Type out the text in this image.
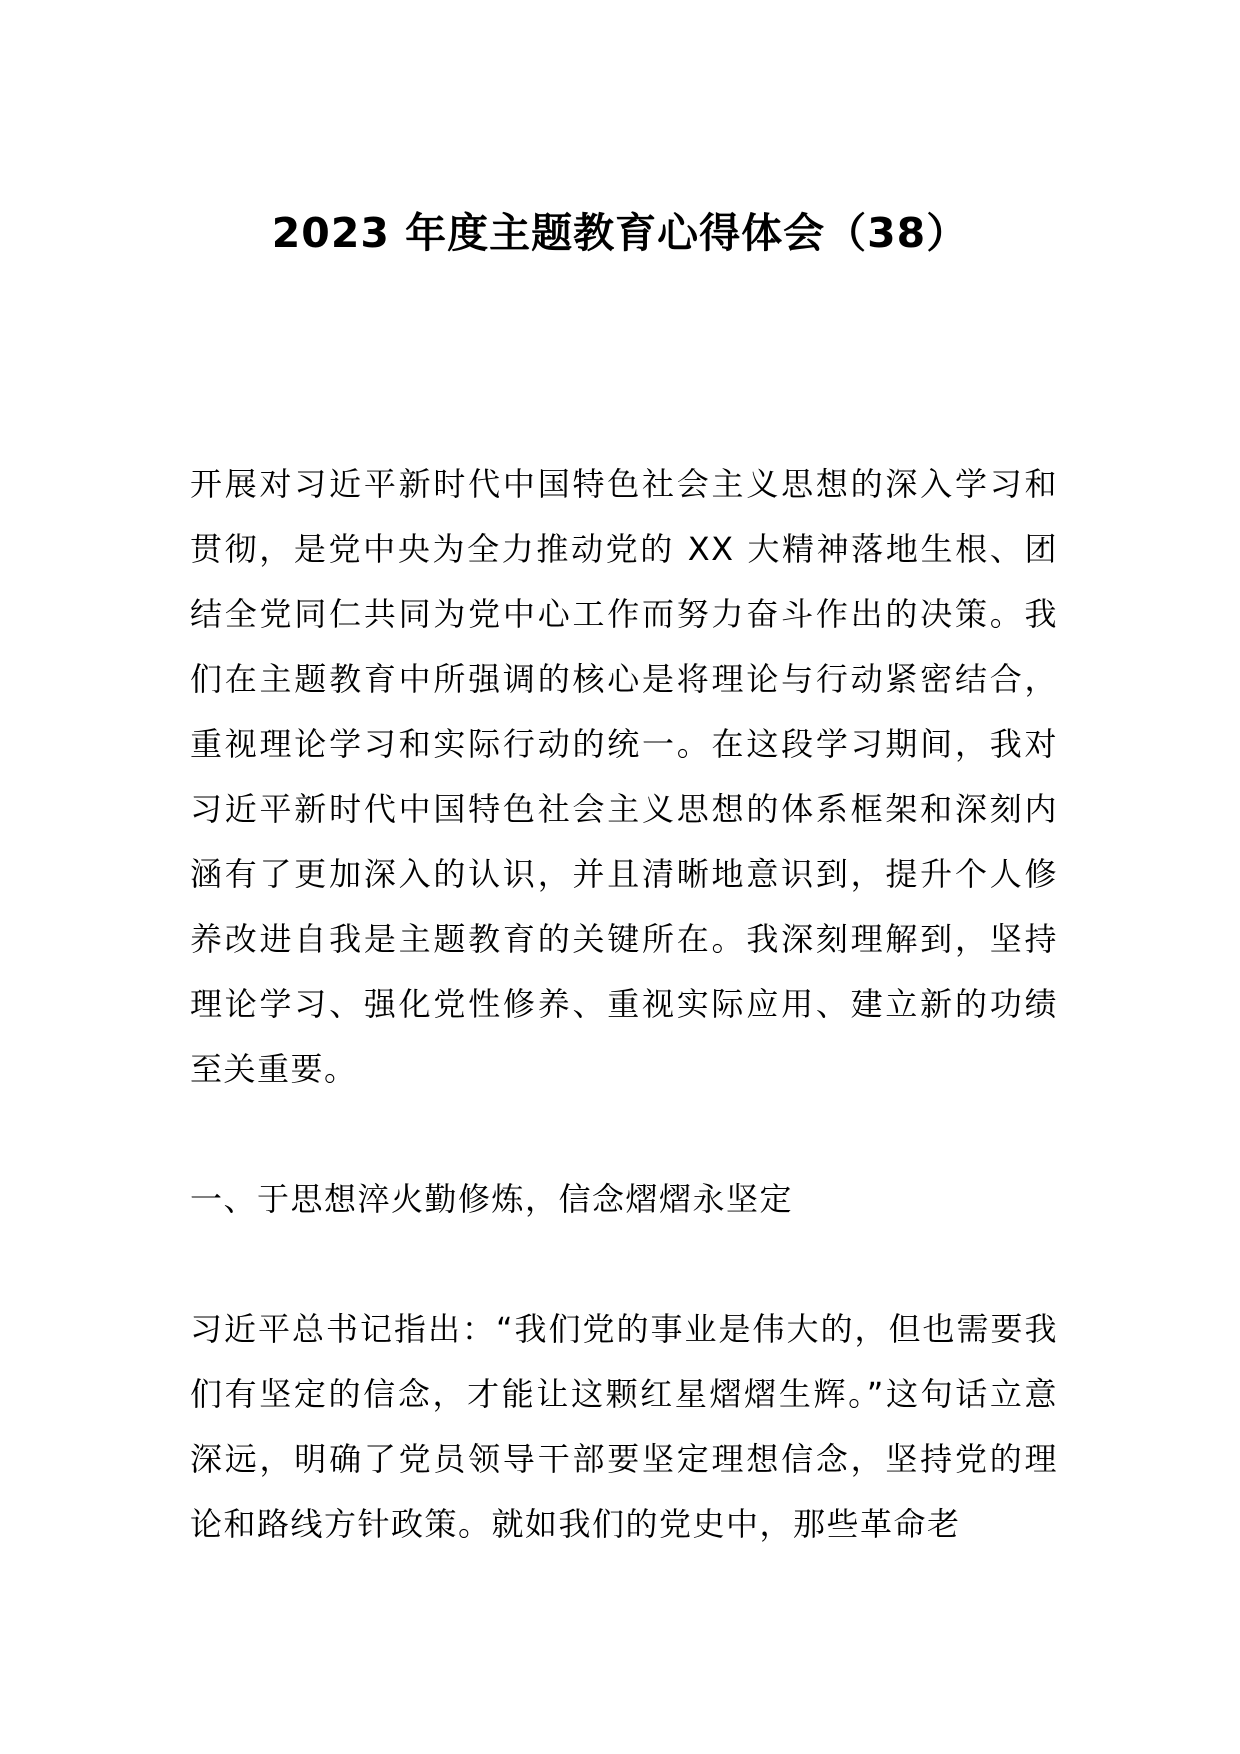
2023 年度主题教育心得体会（38）

开展对习近平新时代中国特色社会主义思想的深入学习和贯彻，是党中央为全力推动党的 XX 大精神落地生根、团结全党同仁共同为党中心工作而努力奋斗作出的决策。我们在主题教育中所强调的核心是将理论与行动紧密结合，重视理论学习和实际行动的统一。在这段学习期间，我对习近平新时代中国特色社会主义思想的体系框架和深刻内涵有了更加深入的认识，并且清晰地意识到，提升个人修养改进自我是主题教育的关键所在。我深刻理解到，坚持理论学习、强化党性修养、重视实际应用、建立新的功绩至关重要。

一、于思想淬火勤修炼，信念熠熠永坚定

习近平总书记指出：“我们党的事业是伟大的，但也需要我们有坚定的信念，才能让这颗红星熠熠生辉。”这句话立意深远，明确了党员领导干部要坚定理想信念，坚持党的理论和路线方针政策。就如我们的党史中，那些革命老
